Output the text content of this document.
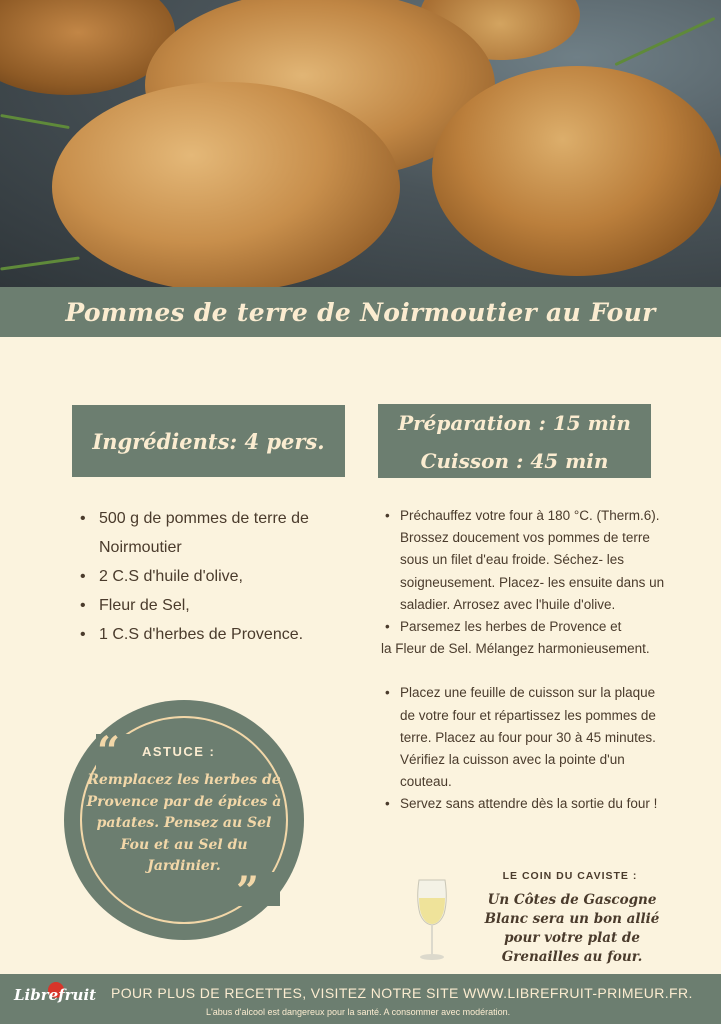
Pommes de terre de Noirmoutier au Four
Ingrédients: 4 pers.
Préparation : 15 min
Cuisson : 45 min
• 500 g de pommes de terre de Noirmoutier
• 2 C.S d'huile d'olive,
• Fleur de Sel,
• 1 C.S d'herbes de Provence.
• Préchauffez votre four à 180 °C. (Therm.6). Brossez doucement vos pommes de terre sous un filet d'eau froide. Séchez- les soigneusement. Placez- les ensuite dans un saladier. Arrosez avec l'huile d'olive.
• Parsemez les herbes de Provence et
la Fleur de Sel. Mélangez harmonieusement.
• Placez une feuille de cuisson sur la plaque de votre four et répartissez les pommes de terre. Placez au four pour 30 à 45 minutes. Vérifiez la cuisson avec la pointe d'un couteau.
• Servez sans attendre dès la sortie du four !
“
”
ASTUCE :
Remplacez les herbes de Provence par de épices à patates. Pensez au Sel Fou et au Sel du Jardinier.
LE COIN DU CAVISTE :
Un Côtes de Gascogne Blanc sera un bon allié pour votre plat de Grenailles au four.
Librefruit POUR PLUS DE RECETTES, VISITEZ NOTRE SITE WWW.LIBREFRUIT-PRIMEUR.FR.
L'abus d'alcool est dangereux pour la santé. A consommer avec modération.
